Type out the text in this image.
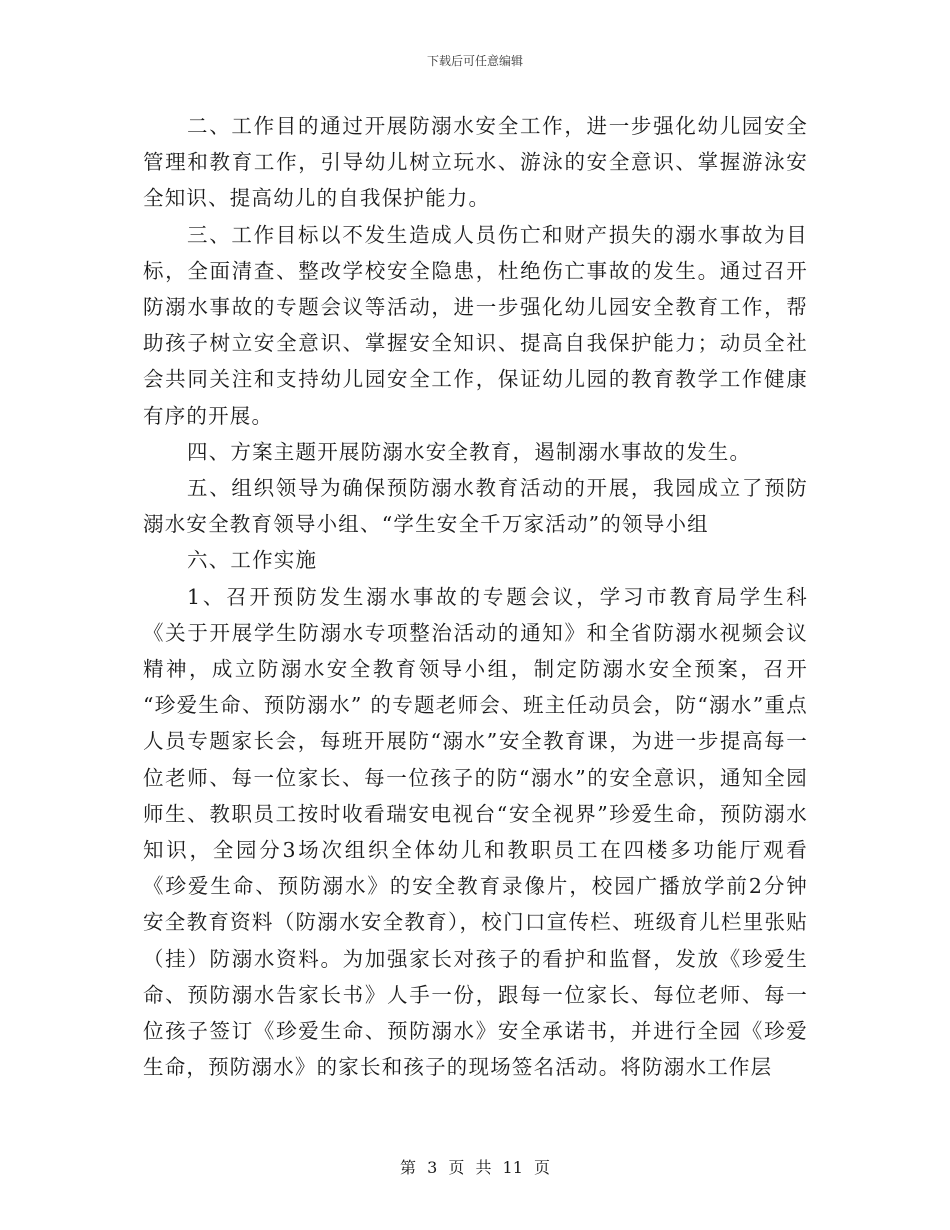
下载后可任意编辑

二、工作目的通过开展防溺水安全工作，进一步强化幼儿园安全管理和教育工作，引导幼儿树立玩水、游泳的安全意识、掌握游泳安全知识、提高幼儿的自我保护能力。

三、工作目标以不发生造成人员伤亡和财产损失的溺水事故为目标，全面清查、整改学校安全隐患，杜绝伤亡事故的发生。通过召开防溺水事故的专题会议等活动，进一步强化幼儿园安全教育工作，帮助孩子树立安全意识、掌握安全知识、提高自我保护能力；动员全社会共同关注和支持幼儿园安全工作，保证幼儿园的教育教学工作健康有序的开展。

四、方案主题开展防溺水安全教育，遏制溺水事故的发生。

五、组织领导为确保预防溺水教育活动的开展，我园成立了预防溺水安全教育领导小组、“学生安全千万家活动”的领导小组

六、工作实施

1、召开预防发生溺水事故的专题会议，学习市教育局学生科《关于开展学生防溺水专项整治活动的通知》和全省防溺水视频会议精神，成立防溺水安全教育领导小组，制定防溺水安全预案，召开 “珍爱生命、预防溺水” 的专题老师会、班主任动员会，防“溺水”重点人员专题家长会，每班开展防“溺水”安全教育课，为进一步提高每一位老师、每一位家长、每一位孩子的防“溺水”的安全意识，通知全园师生、教职员工按时收看瑞安电视台“安全视界”珍爱生命，预防溺水知识，全园分3场次组织全体幼儿和教职员工在四楼多功能厅观看《珍爱生命、预防溺水》的安全教育录像片，校园广播放学前2分钟安全教育资料（防溺水安全教育），校门口宣传栏、班级育儿栏里张贴（挂）防溺水资料。为加强家长对孩子的看护和监督，发放《珍爱生命、预防溺水告家长书》人手一份，跟每一位家长、每位老师、每一位孩子签订《珍爱生命、预防溺水》安全承诺书，并进行全园《珍爱生命，预防溺水》的家长和孩子的现场签名活动。将防溺水工作层

第 3 页 共 11 页
